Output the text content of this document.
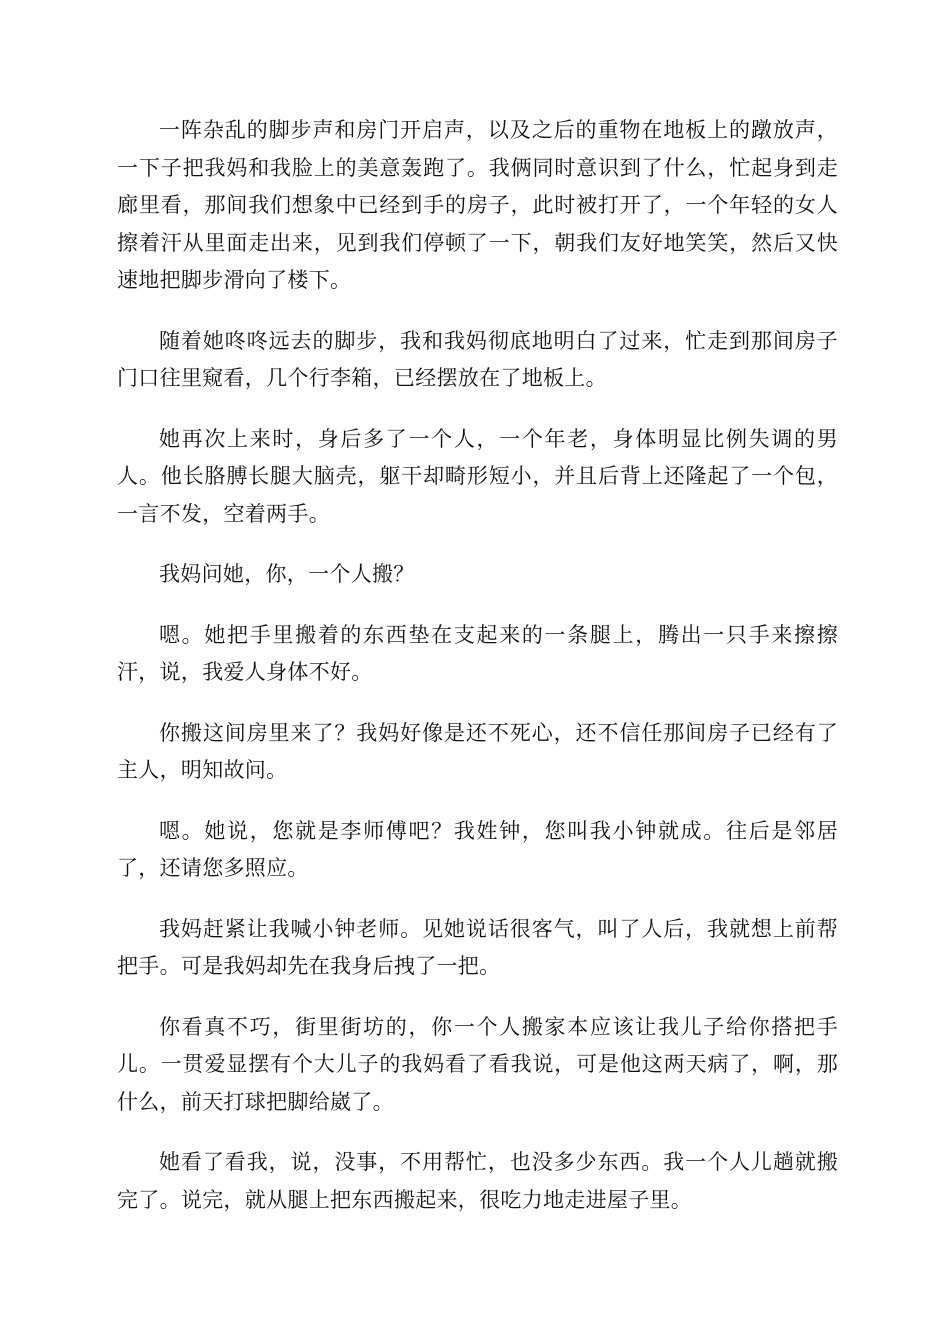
一阵杂乱的脚步声和房门开启声，以及之后的重物在地板上的蹾放声，一下子把我妈和我脸上的美意轰跑了。我俩同时意识到了什么，忙起身到走廊里看，那间我们想象中已经到手的房子，此时被打开了，一个年轻的女人擦着汗从里面走出来，见到我们停顿了一下，朝我们友好地笑笑，然后又快速地把脚步滑向了楼下。

随着她咚咚远去的脚步，我和我妈彻底地明白了过来，忙走到那间房子门口往里窥看，几个行李箱，已经摆放在了地板上。

她再次上来时，身后多了一个人，一个年老，身体明显比例失调的男人。他长胳膊长腿大脑壳，躯干却畸形短小，并且后背上还隆起了一个包，一言不发，空着两手。

我妈问她，你，一个人搬？

嗯。她把手里搬着的东西垫在支起来的一条腿上，腾出一只手来擦擦汗，说，我爱人身体不好。

你搬这间房里来了？我妈好像是还不死心，还不信任那间房子已经有了主人，明知故问。

嗯。她说，您就是李师傅吧？我姓钟，您叫我小钟就成。往后是邻居了，还请您多照应。

我妈赶紧让我喊小钟老师。见她说话很客气，叫了人后，我就想上前帮把手。可是我妈却先在我身后拽了一把。

你看真不巧，街里街坊的，你一个人搬家本应该让我儿子给你搭把手儿。一贯爱显摆有个大儿子的我妈看了看我说，可是他这两天病了，啊，那什么，前天打球把脚给崴了。

她看了看我，说，没事，不用帮忙，也没多少东西。我一个人儿趟就搬完了。说完，就从腿上把东西搬起来，很吃力地走进屋子里。
